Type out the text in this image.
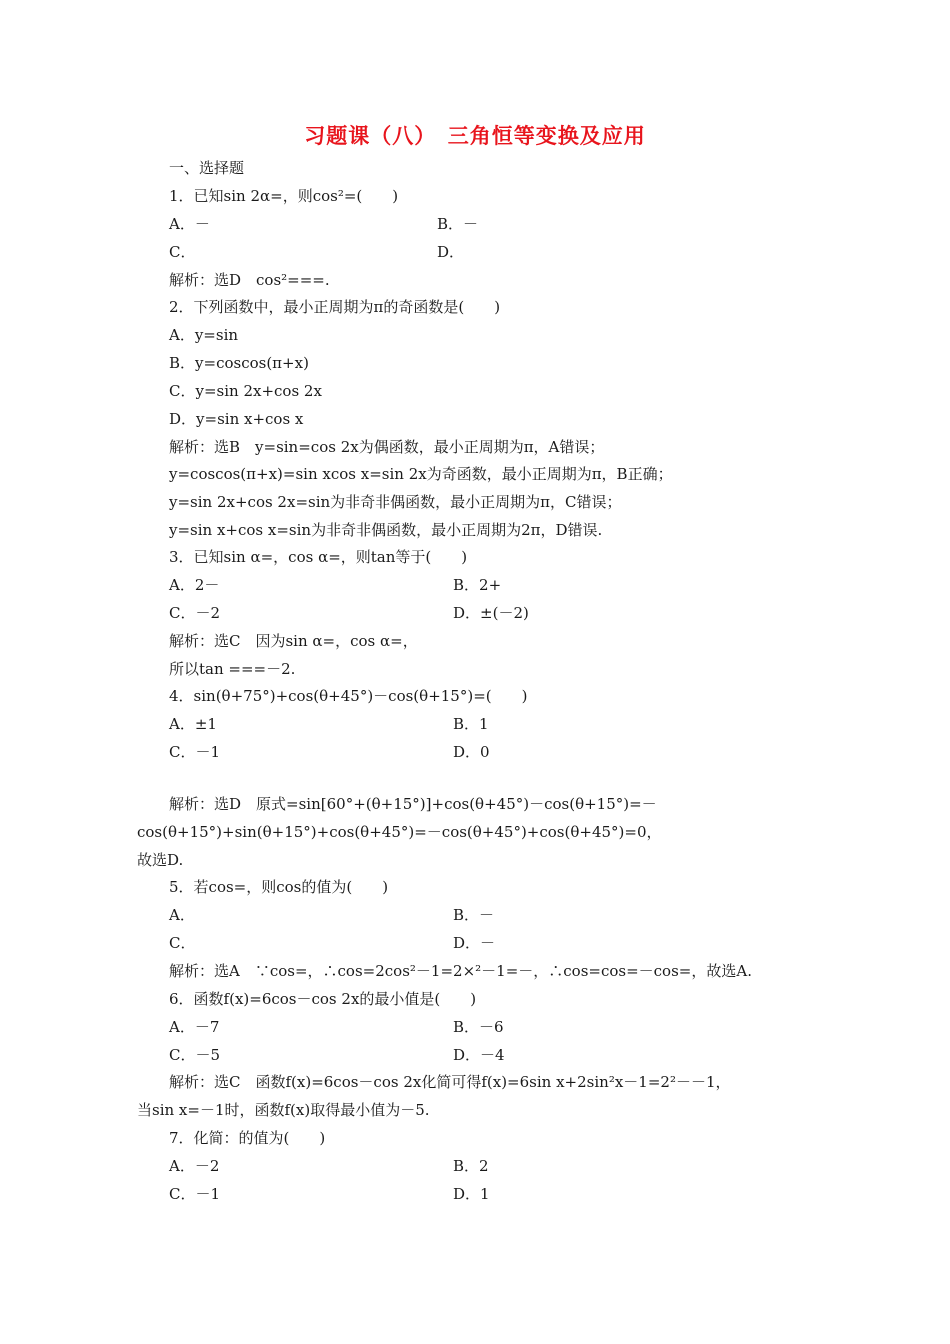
习题课（八）　三角恒等变换及应用
一、选择题
1．已知sin 2α=，则cos²=(　　)
A．－	B．－
C．	D．
解析：选D　cos²===.
2．下列函数中，最小正周期为π的奇函数是(　　)
A．y=sin
B．y=coscos(π+x)
C．y=sin 2x+cos 2x
D．y=sin x+cos x
解析：选B　y=sin=cos 2x为偶函数，最小正周期为π，A错误；
y=coscos(π+x)=sin xcos x=sin 2x为奇函数，最小正周期为π，B正确；
y=sin 2x+cos 2x=sin为非奇非偶函数，最小正周期为π，C错误；
y=sin x+cos x=sin为非奇非偶函数，最小正周期为2π，D错误.
3．已知sin α=，cos α=，则tan等于(　　)
A．2－	B．2+
C．－2	D．±(－2)
解析：选C　因为sin α=，cos α=，
所以tan ===－2.
4．sin(θ+75°)+cos(θ+45°)－cos(θ+15°)=(　　)
A．±1	B．1
C．－1	D．0
解析：选D　原式=sin[60°+(θ+15°)]+cos(θ+45°)－cos(θ+15°)=－
cos(θ+15°)+sin(θ+15°)+cos(θ+45°)=－cos(θ+45°)+cos(θ+45°)=0，
故选D.
5．若cos=，则cos的值为(　　)
A．	B．－
C．	D．－
解析：选A　∵cos=，∴cos=2cos²－1=2×²－1=－，∴cos=cos=－cos=，故选A.
6．函数f(x)=6cos－cos 2x的最小值是(　　)
A．－7	B．－6
C．－5	D．－4
解析：选C　函数f(x)=6cos－cos 2x化简可得f(x)=6sin x+2sin²x－1=2²－－1，
当sin x=－1时，函数f(x)取得最小值为－5.
7．化简：的值为(　　)
A．－2	B．2
C．－1	D．1
